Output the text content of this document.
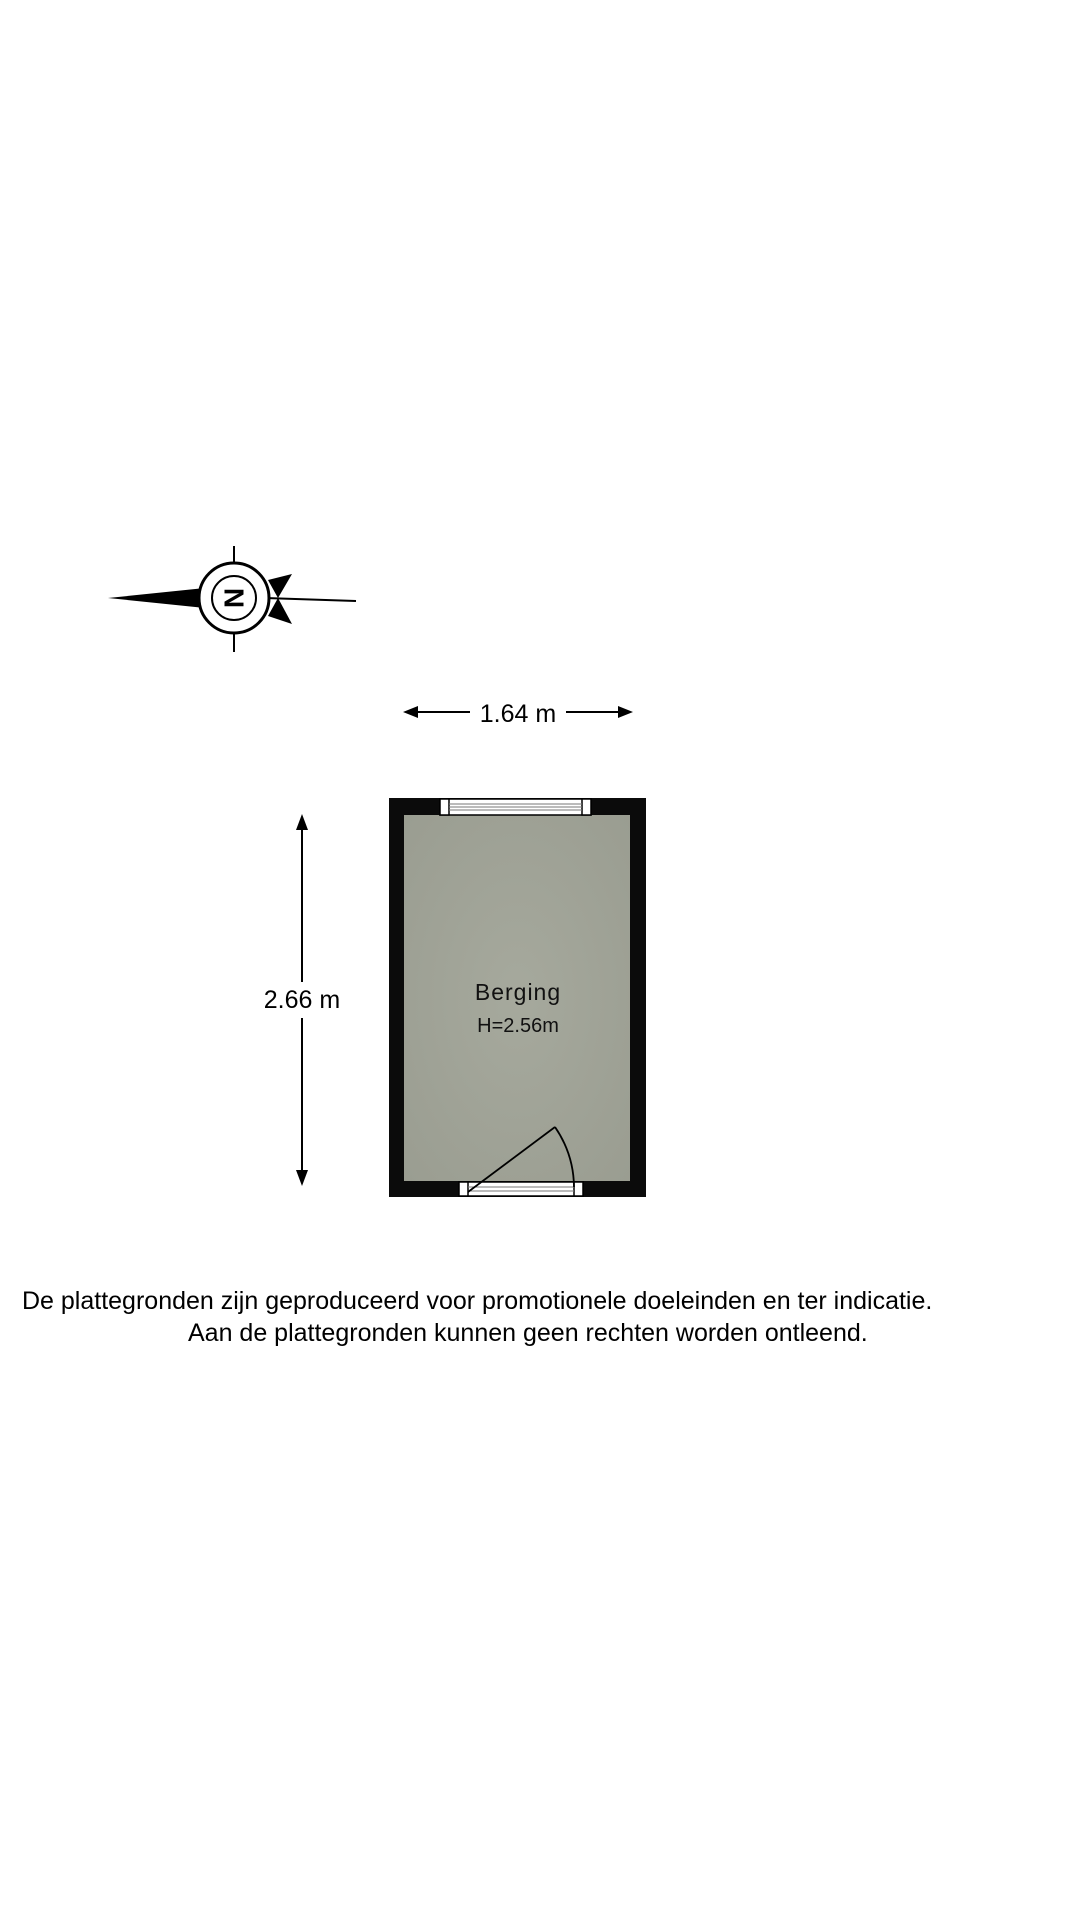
N
1.64 m
2.66 m	Berging
H=2.56m
De plattegronden zijn geproduceerd voor promotionele doeleinden en ter indicatie.
Aan de plattegronden kunnen geen rechten worden ontleend.
